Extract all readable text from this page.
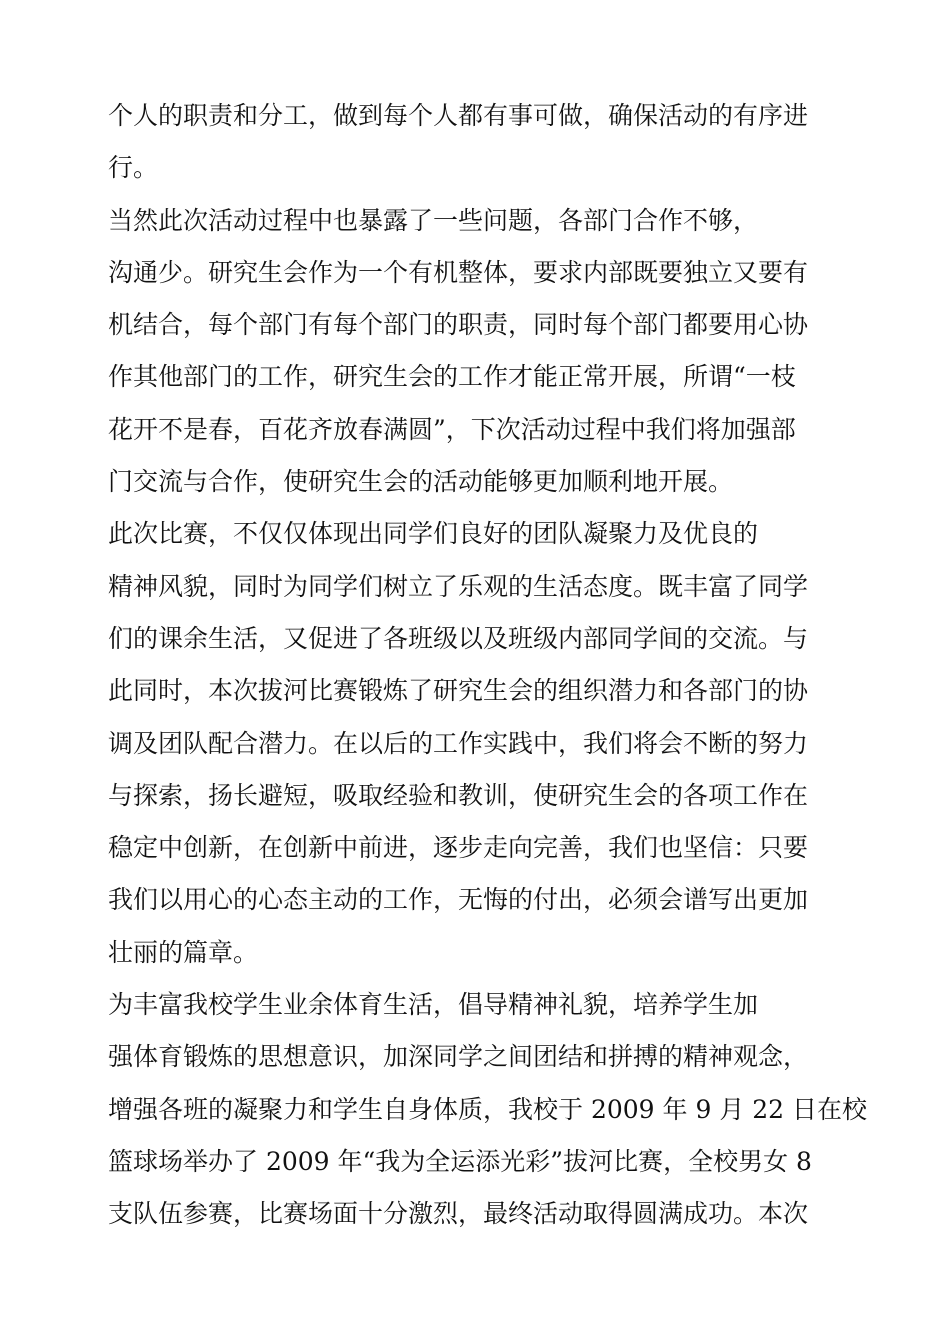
个人的职责和分工，做到每个人都有事可做，确保活动的有序进
行。
当然此次活动过程中也暴露了一些问题，各部门合作不够，
沟通少。研究生会作为一个有机整体，要求内部既要独立又要有
机结合，每个部门有每个部门的职责，同时每个部门都要用心协
作其他部门的工作，研究生会的工作才能正常开展，所谓“一枝
花开不是春，百花齐放春满圆”，下次活动过程中我们将加强部
门交流与合作，使研究生会的活动能够更加顺利地开展。
此次比赛，不仅仅体现出同学们良好的团队凝聚力及优良的
精神风貌，同时为同学们树立了乐观的生活态度。既丰富了同学
们的课余生活，又促进了各班级以及班级内部同学间的交流。与
此同时，本次拔河比赛锻炼了研究生会的组织潜力和各部门的协
调及团队配合潜力。在以后的工作实践中，我们将会不断的努力
与探索，扬长避短，吸取经验和教训，使研究生会的各项工作在
稳定中创新，在创新中前进，逐步走向完善，我们也坚信：只要
我们以用心的心态主动的工作，无悔的付出，必须会谱写出更加
壮丽的篇章。
为丰富我校学生业余体育生活，倡导精神礼貌，培养学生加
强体育锻炼的思想意识，加深同学之间团结和拼搏的精神观念，
增强各班的凝聚力和学生自身体质，我校于 2009 年 9 月 22 日在校
篮球场举办了 2009 年“我为全运添光彩”拔河比赛，全校男女 8
支队伍参赛，比赛场面十分激烈，最终活动取得圆满成功。本次
